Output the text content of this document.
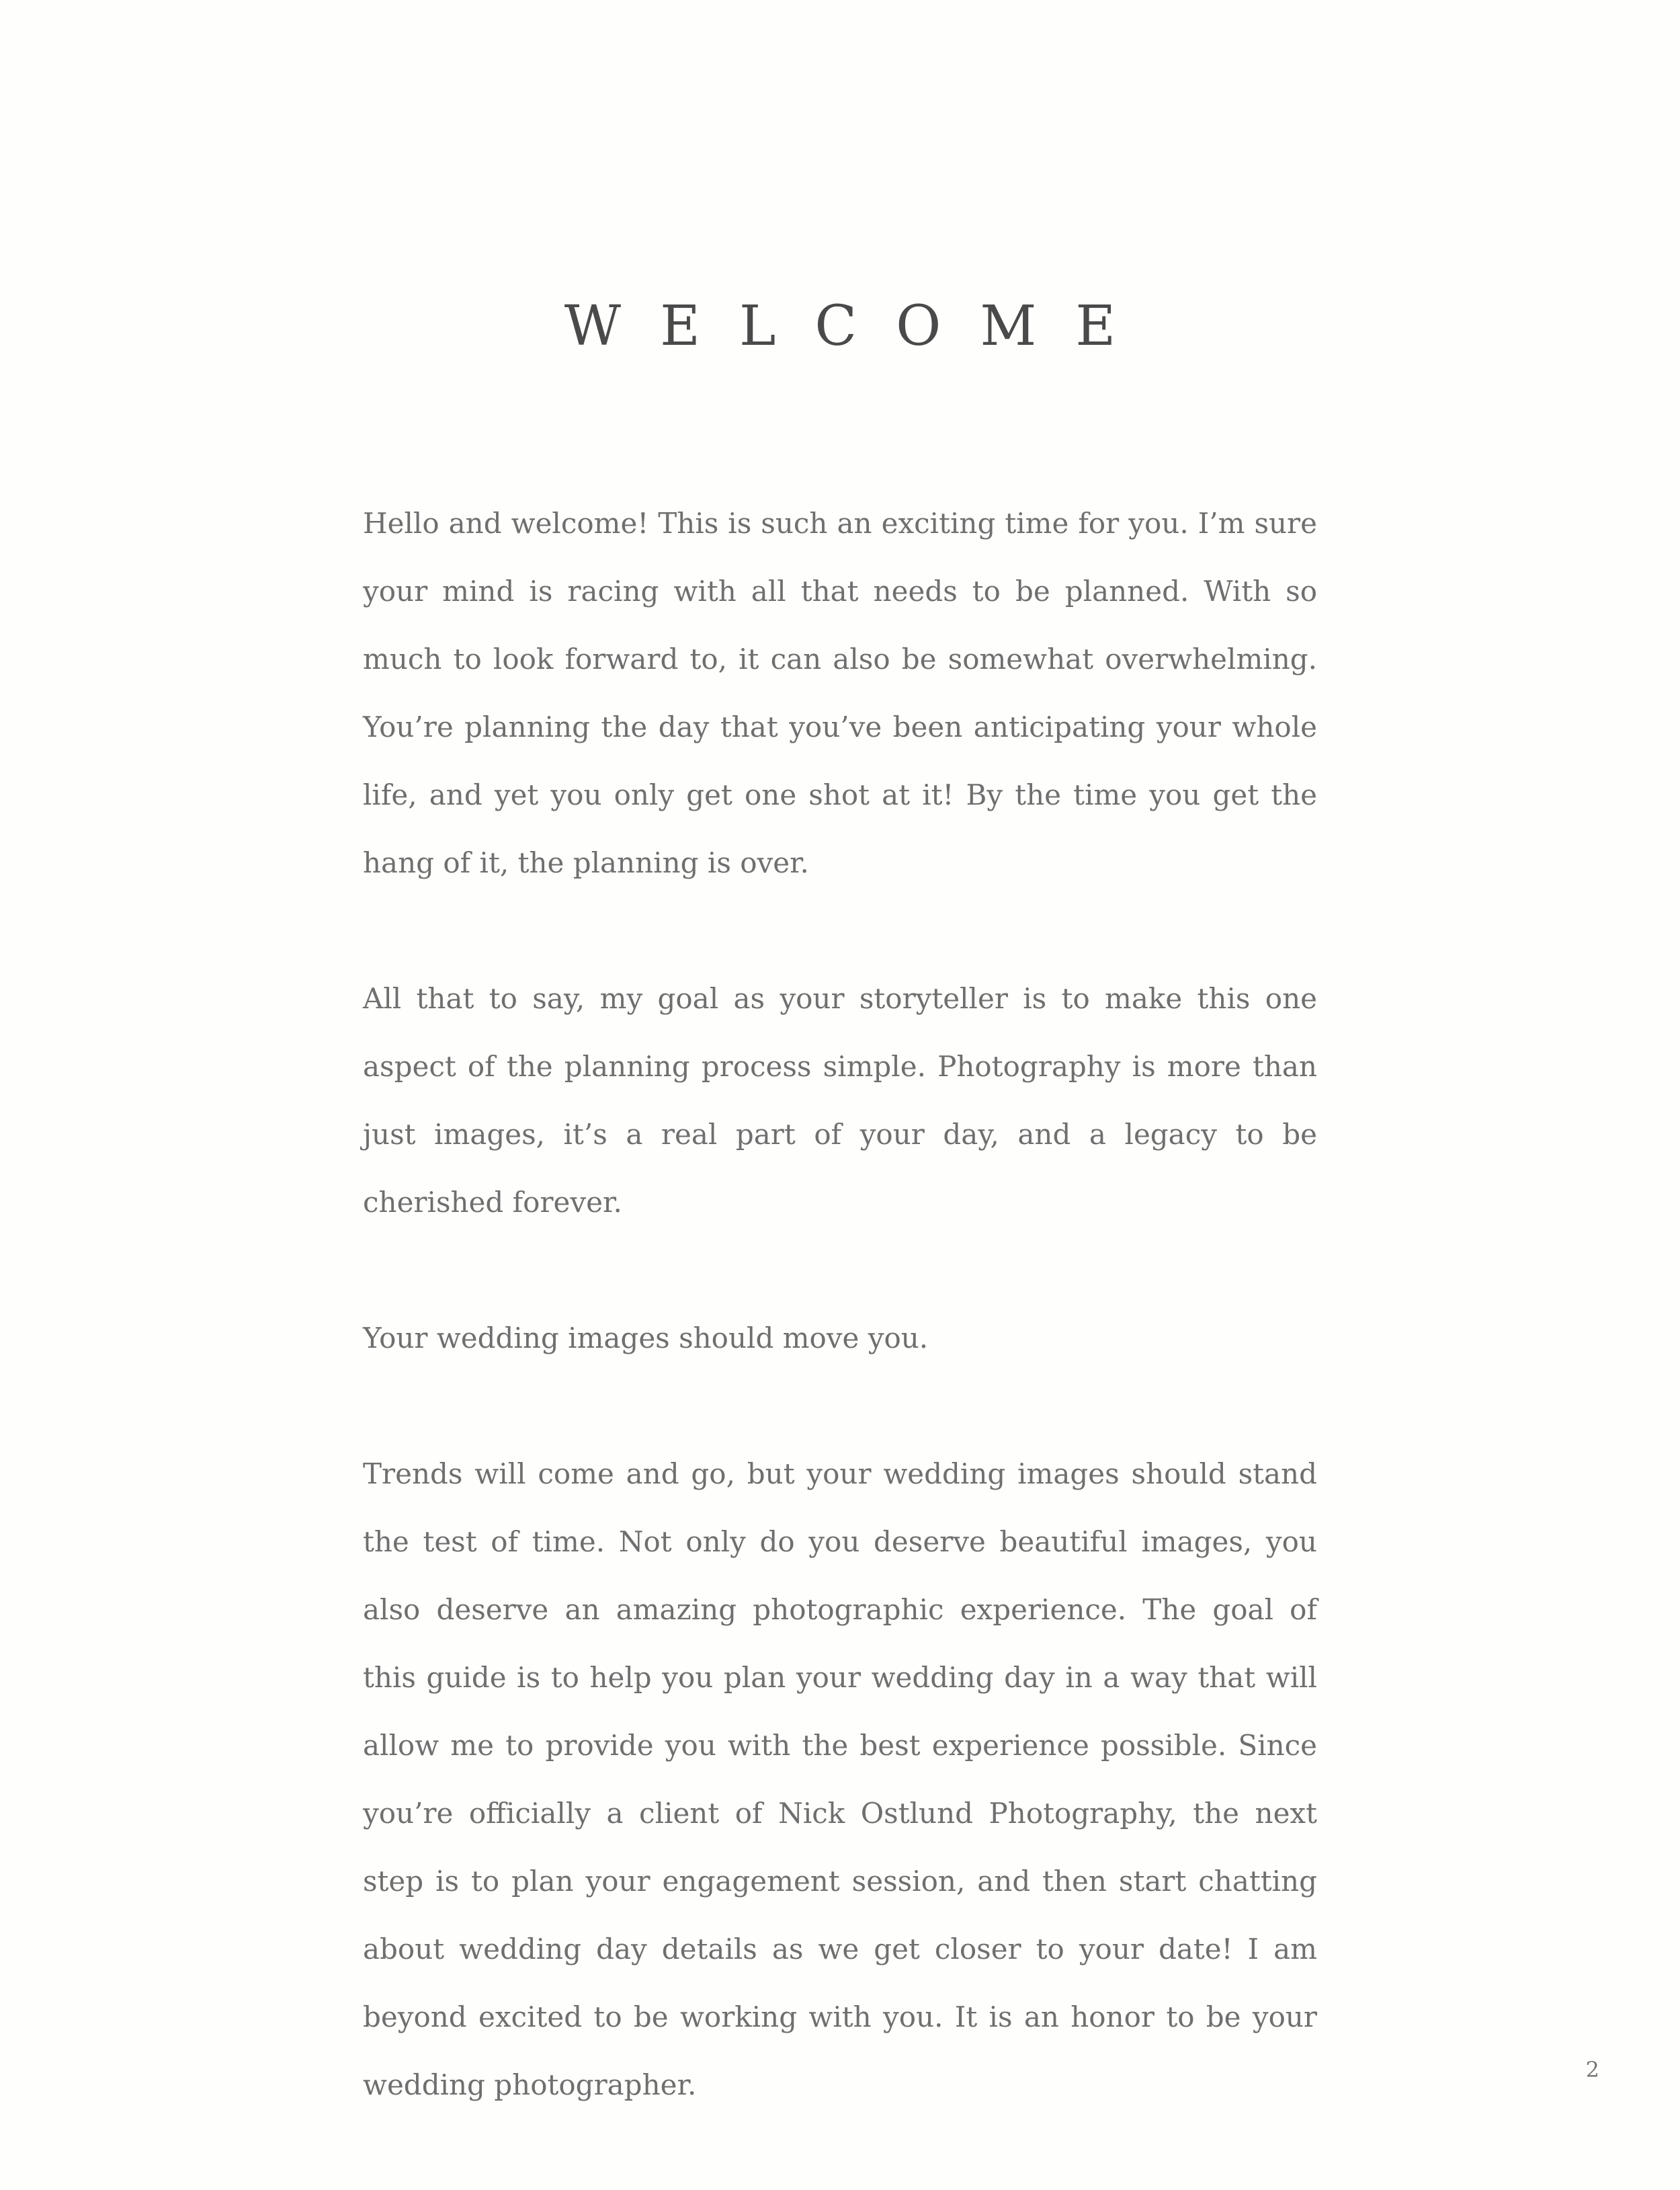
WELCOME

Hello and welcome! This is such an exciting time for you. I’m sure your mind is racing with all that needs to be planned. With so much to look forward to, it can also be somewhat overwhelming. You’re planning the day that you’ve been anticipating your whole life, and yet you only get one shot at it! By the time you get the hang of it, the planning is over.

All that to say, my goal as your storyteller is to make this one aspect of the planning process simple. Photography is more than just images, it’s a real part of your day, and a legacy to be cherished forever.

Your wedding images should move you.

Trends will come and go, but your wedding images should stand the test of time. Not only do you deserve beautiful images, you also deserve an amazing photographic experience. The goal of this guide is to help you plan your wedding day in a way that will allow me to provide you with the best experience possible. Since you’re officially a client of Nick Ostlund Photography, the next step is to plan your engagement session, and then start chatting about wedding day details as we get closer to your date! I am beyond excited to be working with you. It is an honor to be your wedding photographer.	2
